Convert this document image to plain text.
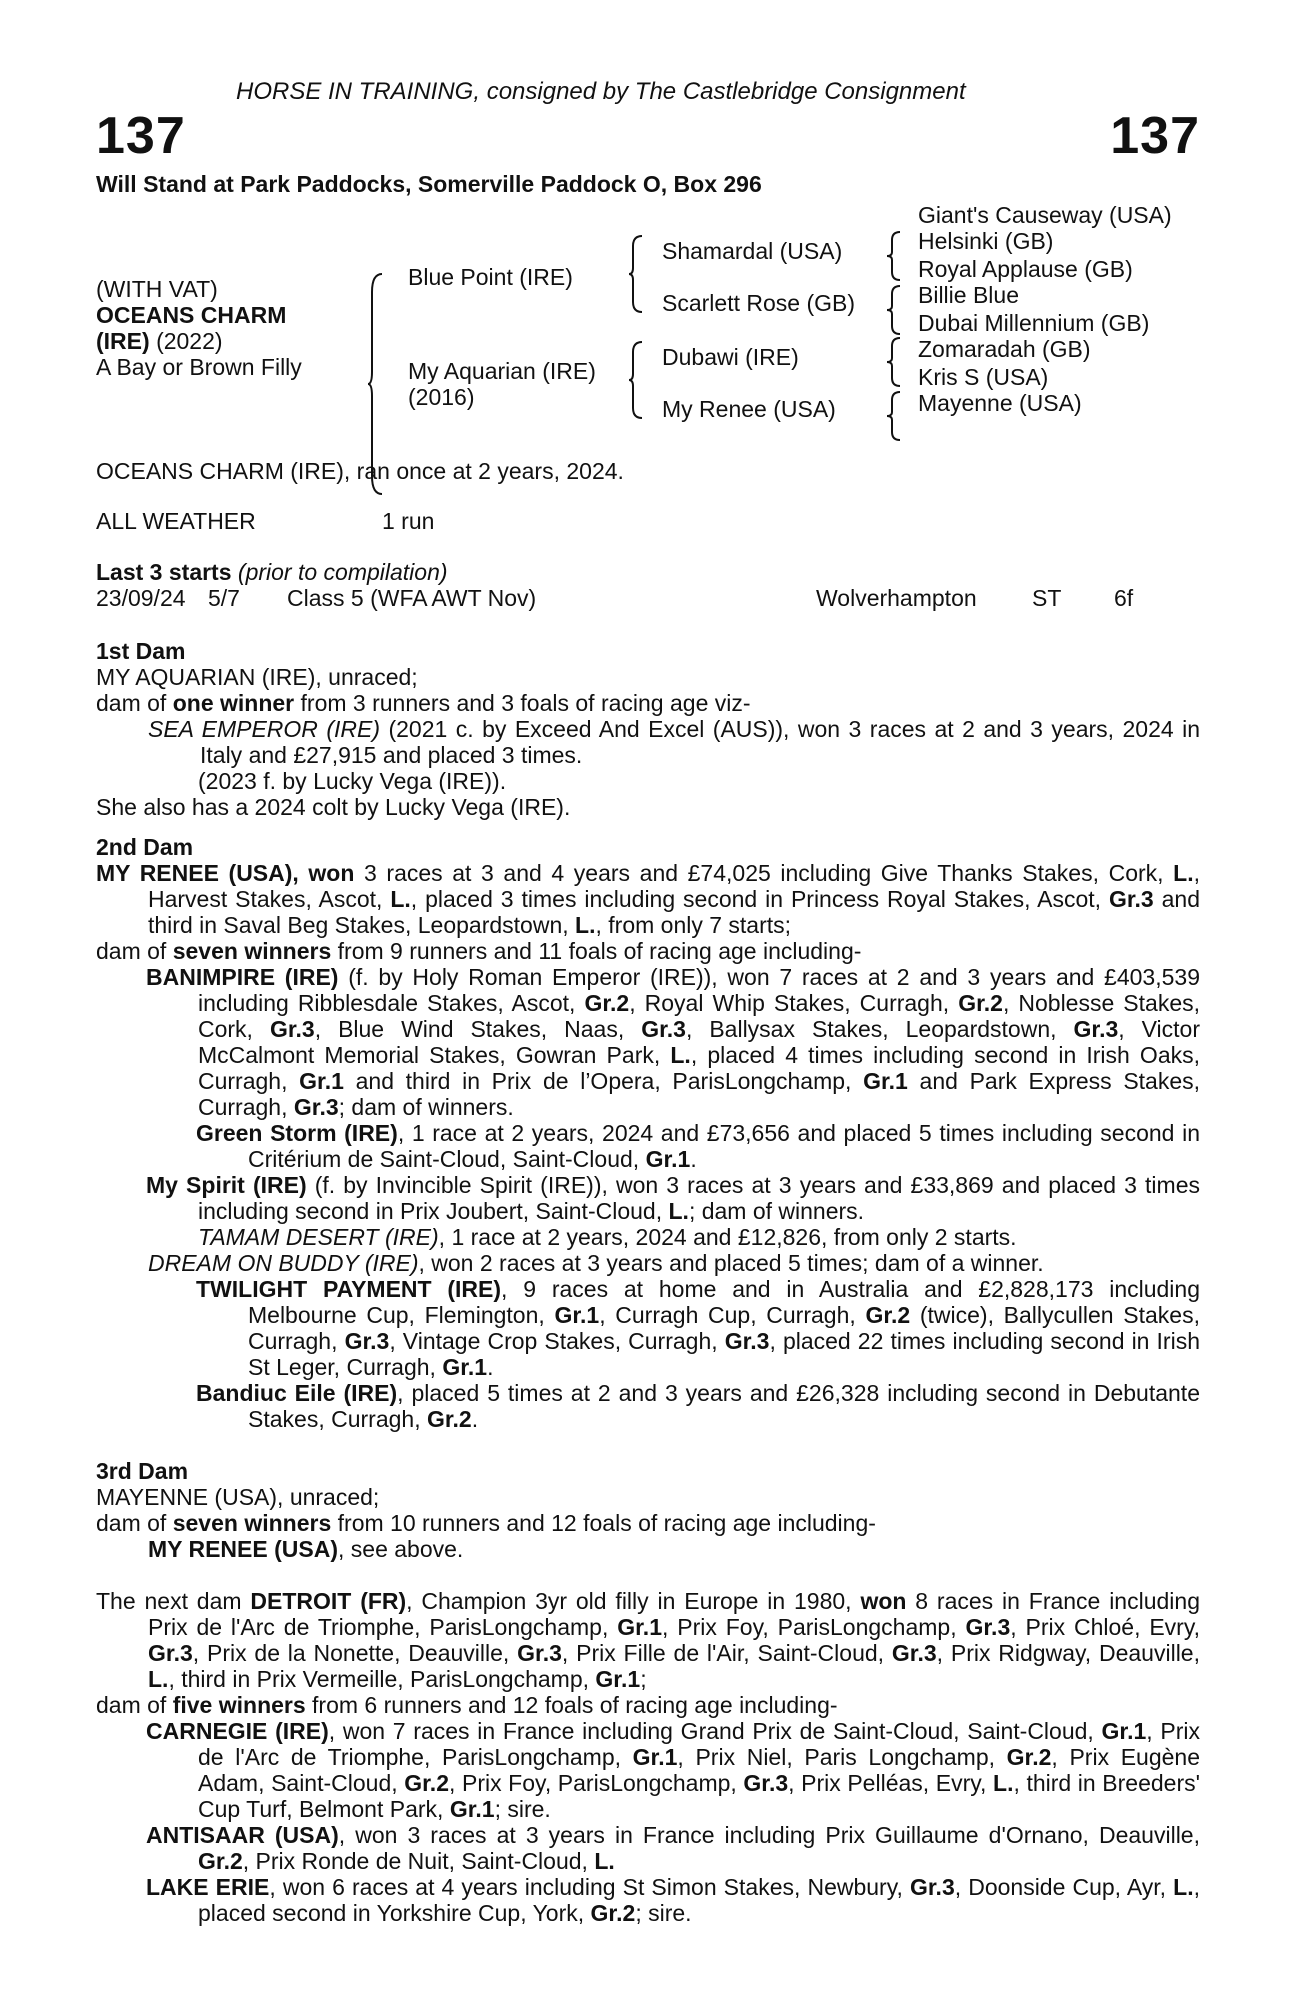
HORSE IN TRAINING, consigned by The Castlebridge Consignment
137	137
Will Stand at Park Paddocks, Somerville Paddock O, Box 296
(WITH VAT)
OCEANS CHARM
(IRE) (2022)
A Bay or Brown Filly
Blue Point (IRE)
My Aquarian (IRE)
(2016)
Shamardal (USA)
Scarlett Rose (GB)
Dubawi (IRE)
My Renee (USA)
Giant's Causeway (USA)
Helsinki (GB)
Royal Applause (GB)
Billie Blue
Dubai Millennium (GB)
Zomaradah (GB)
Kris S (USA)
Mayenne (USA)

OCEANS CHARM (IRE), ran once at 2 years, 2024.

ALL WEATHER	1 run

Last 3 starts (prior to compilation)

23/09/24 5/7 Class 5 (WFA AWT Nov)	Wolverhampton ST 6f

1st Dam

MY AQUARIAN (IRE), unraced;

dam of one winner from 3 runners and 3 foals of racing age viz-

SEA EMPEROR (IRE) (2021 c. by Exceed And Excel (AUS)), won 3 races at 2 and 3 years, 2024 in Italy and £27,915 and placed 3 times.

(2023 f. by Lucky Vega (IRE)).

She also has a 2024 colt by Lucky Vega (IRE).

2nd Dam

MY RENEE (USA), won 3 races at 3 and 4 years and £74,025 including Give Thanks Stakes, Cork, L., Harvest Stakes, Ascot, L., placed 3 times including second in Princess Royal Stakes, Ascot, Gr.3 and third in Saval Beg Stakes, Leopardstown, L., from only 7 starts;

dam of seven winners from 9 runners and 11 foals of racing age including-

BANIMPIRE (IRE) (f. by Holy Roman Emperor (IRE)), won 7 races at 2 and 3 years and £403,539 including Ribblesdale Stakes, Ascot, Gr.2, Royal Whip Stakes, Curragh, Gr.2, Noblesse Stakes, Cork, Gr.3, Blue Wind Stakes, Naas, Gr.3, Ballysax Stakes, Leopardstown, Gr.3, Victor McCalmont Memorial Stakes, Gowran Park, L., placed 4 times including second in Irish Oaks, Curragh, Gr.1 and third in Prix de l’Opera, ParisLongchamp, Gr.1 and Park Express Stakes, Curragh, Gr.3; dam of winners.

Green Storm (IRE), 1 race at 2 years, 2024 and £73,656 and placed 5 times including second in Critérium de Saint-Cloud, Saint-Cloud, Gr.1.

My Spirit (IRE) (f. by Invincible Spirit (IRE)), won 3 races at 3 years and £33,869 and placed 3 times including second in Prix Joubert, Saint-Cloud, L.; dam of winners.

TAMAM DESERT (IRE), 1 race at 2 years, 2024 and £12,826, from only 2 starts.

DREAM ON BUDDY (IRE), won 2 races at 3 years and placed 5 times; dam of a winner.

TWILIGHT PAYMENT (IRE), 9 races at home and in Australia and £2,828,173 including Melbourne Cup, Flemington, Gr.1, Curragh Cup, Curragh, Gr.2 (twice), Ballycullen Stakes, Curragh, Gr.3, Vintage Crop Stakes, Curragh, Gr.3, placed 22 times including second in Irish St Leger, Curragh, Gr.1.

Bandiuc Eile (IRE), placed 5 times at 2 and 3 years and £26,328 including second in Debutante Stakes, Curragh, Gr.2.

3rd Dam

MAYENNE (USA), unraced;

dam of seven winners from 10 runners and 12 foals of racing age including-

MY RENEE (USA), see above.

The next dam DETROIT (FR), Champion 3yr old filly in Europe in 1980, won 8 races in France including Prix de l'Arc de Triomphe, ParisLongchamp, Gr.1, Prix Foy, ParisLongchamp, Gr.3, Prix Chloé, Evry, Gr.3, Prix de la Nonette, Deauville, Gr.3, Prix Fille de l'Air, Saint-Cloud, Gr.3, Prix Ridgway, Deauville, L., third in Prix Vermeille, ParisLongchamp, Gr.1;

dam of five winners from 6 runners and 12 foals of racing age including-

CARNEGIE (IRE), won 7 races in France including Grand Prix de Saint-Cloud, Saint-Cloud, Gr.1, Prix de l'Arc de Triomphe, ParisLongchamp, Gr.1, Prix Niel, Paris Longchamp, Gr.2, Prix Eugène Adam, Saint-Cloud, Gr.2, Prix Foy, ParisLongchamp, Gr.3, Prix Pelléas, Evry, L., third in Breeders' Cup Turf, Belmont Park, Gr.1; sire.

ANTISAAR (USA), won 3 races at 3 years in France including Prix Guillaume d'Ornano, Deauville, Gr.2, Prix Ronde de Nuit, Saint-Cloud, L.

LAKE ERIE, won 6 races at 4 years including St Simon Stakes, Newbury, Gr.3, Doonside Cup, Ayr, L., placed second in Yorkshire Cup, York, Gr.2; sire.
